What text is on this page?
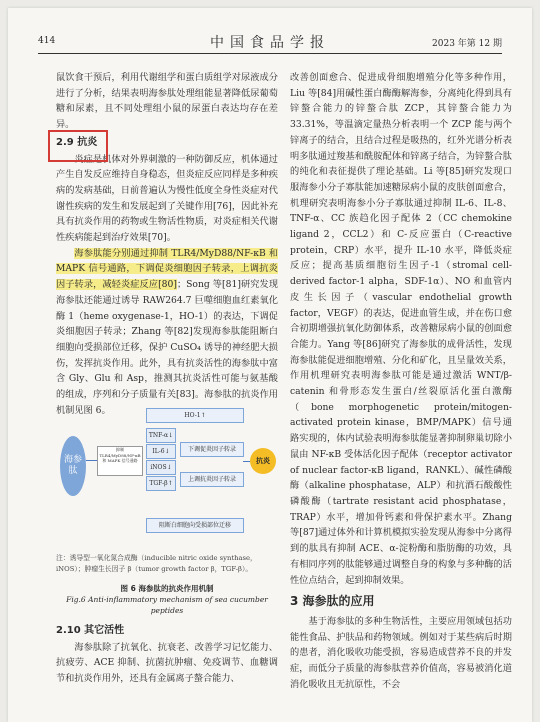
414	中国食品学报	2023 年第 12 期

鼠饮食干预后，利用代谢组学和蛋白质组学对尿液成分进行了分析，结果表明海参肽处理组能显著降低尿葡萄糖和尿素，且不同处理组小鼠的尿蛋白表达均存在差异。

2.9 抗炎

炎症是机体对外界刺激的一种防御反应，机体通过产生自发反应维持自身稳态，但炎症反应同样是多种疾病的发病基础，日前普遍认为慢性低度全身性炎症对代谢性疾病的发生和发展起到了关键作用[76]，因此补充具有抗炎作用的药物或生物活性物质，对炎症相关代谢性疾病能起到治疗效果[70]。

海参肽能分别通过抑制 TLR4/MyD88/NF-κB 和 MAPK 信号通路，下调促炎细胞因子转录，上调抗炎因子转录，减轻炎症反应[80]；Song 等[81]研究发现海参肽还能通过诱导 RAW264.7 巨噬细胞血红素氧化酶 1（heme oxygenase-1，HO-1）的表达，下调促炎细胞因子转录；Zhang 等[82]发现海参肽能阻断白细胞向受损部位迁移，保护 CuSO₄ 诱导的神经肥大损伤，发挥抗炎作用。此外，具有抗炎活性的海参肽中富含 Gly、Glu 和 Asp，推测其抗炎活性可能与氨基酸的组成，序列和分子质量有关[83]。海参肽的抗炎作用机制见图 6。

海参肽
抑制 TLR4/MyD88/NF-κB 和 MAPK 信号通路
HO-1↑
TNF-α↓
IL-6↓
iNOS↓
TGF-β↑
下调促炎因子转录
上调抗炎因子转录
阻断白细胞向受损部位迁移
抗炎
注：诱导型一氧化氮合成酶（inducible nitric oxide synthase，iNOS）；肿瘤生长因子 β（tumor growth factor β，TGF-β）。
图 6 海参肽的抗炎作用机制
Fig.6 Anti-inflammatory mechanism of sea cucumber peptides
2.10 其它活性

海参肽除了抗氧化、抗衰老、改善学习记忆能力、抗疲劳、ACE 抑制、抗菌抗肿瘤、免疫调节、血糖调节和抗炎作用外，还具有金属离子螯合能力、

改善创面愈合、促进成骨细胞增殖分化等多种作用，Liu 等[84]用碱性蛋白酶酶解海参，分离纯化得到具有锌螯合能力的锌螯合肽 ZCP，其锌螯合能力为 33.31%，等温滴定量热分析表明一个 ZCP 能与两个锌离子的结合，且结合过程是吸热的，红外光谱分析表明多肽通过羧基和酰胺配体和锌离子结合，为锌螯合肽的纯化和表征提供了理论基础。Li 等[85]研究发现口服海参小分子寡肽能加速糖尿病小鼠的皮肤创面愈合，机理研究表明海参小分子寡肽通过抑制 IL-6、IL-8、TNF-α、CC 族趋化因子配体 2（CC chemokine ligand 2，CCL2）和 C-反应蛋白（C-reactive protein，CRP）水平，提升 IL-10 水平，降低炎症反应；提高基质细胞衍生因子-1（stromal cell-derived factor-1 alpha，SDF-1α）、NO 和血管内皮生长因子（vascular endothelial growth factor，VEGF）的表达，促进血管生成，并在伤口愈合初期增强抗氧化防御体系，改善糖尿病小鼠的创面愈合能力。Yang 等[86]研究了海参肽的成骨活性，发现海参肽能促进细胞增殖、分化和矿化，且呈量效关系，作用机理研究表明海参肽可能是通过激活 WNT/β-catenin 和骨形态发生蛋白/丝裂原活化蛋白激酶（bone morphogenetic protein/mitogen-activated protein kinase，BMP/MAPK）信号通路实现的，体内试验表明海参肽能显著抑制卵巢切除小鼠由 NF-κB 受体活化因子配体（receptor activator of nuclear factor-κB ligand，RANKL）、碱性磷酸酶（alkaline phosphatase，ALP）和抗酒石酸酸性磷酸酶（tartrate resistant acid phosphatase，TRAP）水平，增加骨钙素和骨保护素水平。Zhang 等[87]通过体外和计算机模拟实验发现从海参中分离得到的肽具有抑制 ACE、α-淀粉酶和脂肪酶的功效，具有相同序列的肽能够通过调整自身的构象与多种酶的活性位点结合，起到抑制效果。

3 海参肽的应用

基于海参肽的多种生物活性，主要应用领域包括功能性食品、护肤品和药物领域。例如对于某些病后时期的患者，消化吸收功能受损，容易造成营养不良的并发症，而低分子质量的海参肽营养价值高，容易被消化道消化吸收且无抗原性，不会
